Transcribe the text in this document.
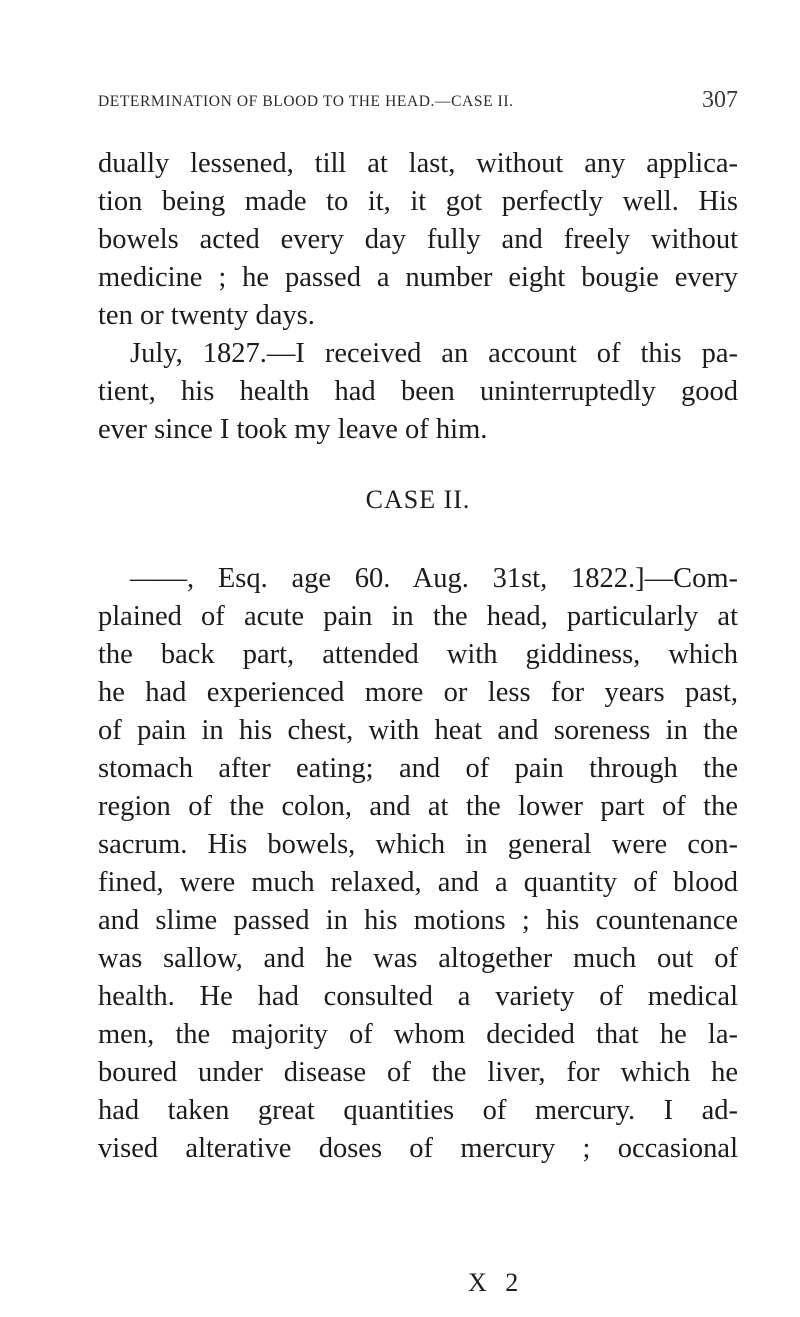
DETERMINATION OF BLOOD TO THE HEAD.—CASE II.	307
dually lessened, till at last, without any applica-
tion being made to it, it got perfectly well. His
bowels acted every day fully and freely without
medicine ; he passed a number eight bougie every
ten or twenty days.
July, 1827.—I received an account of this pa-
tient, his health had been uninterruptedly good
ever since I took my leave of him.
CASE II.
——, Esq. age 60. Aug. 31st, 1822.]—Com-
plained of acute pain in the head, particularly at
the back part, attended with giddiness, which
he had experienced more or less for years past,
of pain in his chest, with heat and soreness in the
stomach after eating; and of pain through the
region of the colon, and at the lower part of the
sacrum. His bowels, which in general were con-
fined, were much relaxed, and a quantity of blood
and slime passed in his motions ; his countenance
was sallow, and he was altogether much out of
health. He had consulted a variety of medical
men, the majority of whom decided that he la-
boured under disease of the liver, for which he
had taken great quantities of mercury. I ad-
vised alterative doses of mercury ; occasional
X 2
